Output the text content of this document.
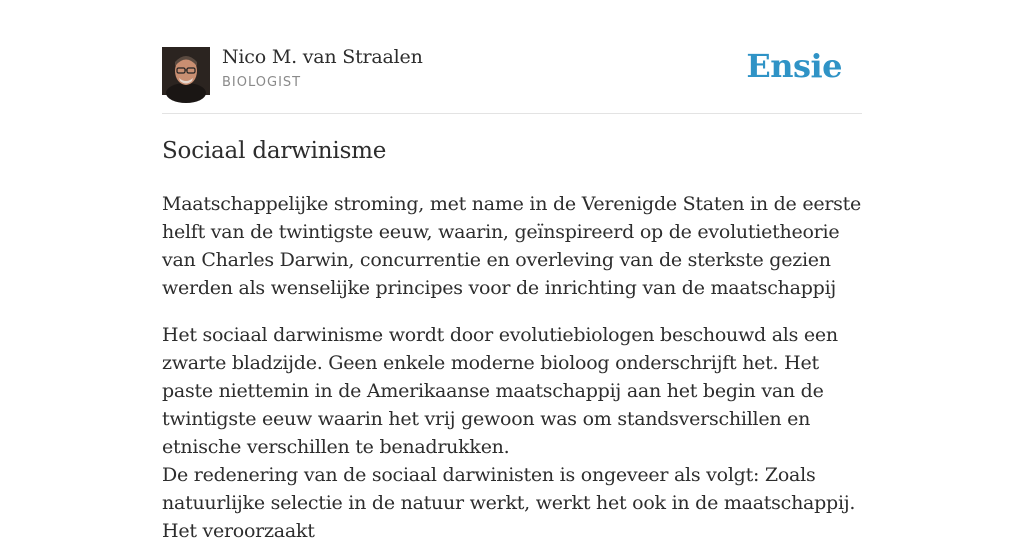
Nico M. van Straalen
BIOLOGIST	Ensie
Sociaal darwinisme

Maatschappelijke stroming, met name in de Verenigde Staten in de eerste helft van de twintigste eeuw, waarin, geïnspireerd op de evolutietheorie van Charles Darwin, concurrentie en overleving van de sterkste gezien werden als wenselijke principes voor de inrichting van de maatschappij

Het sociaal darwinisme wordt door evolutiebiologen beschouwd als een zwarte bladzijde. Geen enkele moderne bioloog onderschrijft het. Het paste niettemin in de Amerikaanse maatschappij aan het begin van de twintigste eeuw waarin het vrij gewoon was om standsverschillen en etnische verschillen te benadrukken.

De redenering van de sociaal darwinisten is ongeveer als volgt: Zoals natuurlijke selectie in de natuur werkt, werkt het ook in de maatschappij. Het veroorzaakt
